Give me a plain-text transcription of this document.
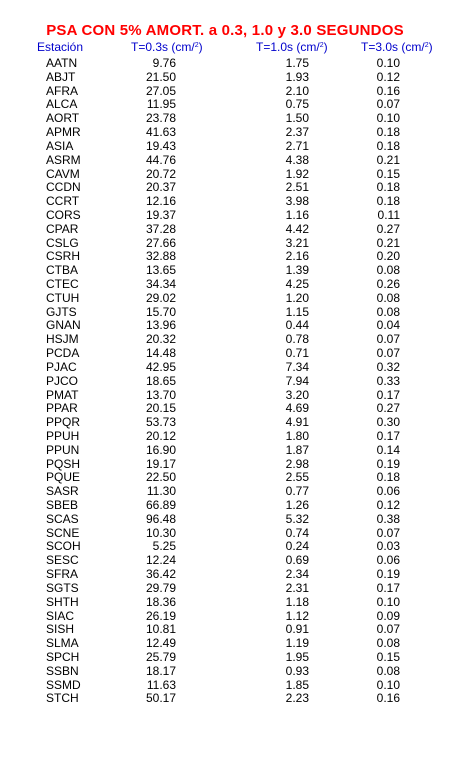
PSA CON 5% AMORT. a 0.3, 1.0 y 3.0 SEGUNDOS
Estación	T=0.3s (cm/$^2$)	T=1.0s (cm/$^2$)	T=3.0s (cm/$^2$)
AATN	9.76	1.75	0.10
ABJT	21.50	1.93	0.12
AFRA	27.05	2.10	0.16
ALCA	11.95	0.75	0.07
AORT	23.78	1.50	0.10
APMR	41.63	2.37	0.18
ASIA	19.43	2.71	0.18
ASRM	44.76	4.38	0.21
CAVM	20.72	1.92	0.15
CCDN	20.37	2.51	0.18
CCRT	12.16	3.98	0.18
CORS	19.37	1.16	0.11
CPAR	37.28	4.42	0.27
CSLG	27.66	3.21	0.21
CSRH	32.88	2.16	0.20
CTBA	13.65	1.39	0.08
CTEC	34.34	4.25	0.26
CTUH	29.02	1.20	0.08
GJTS	15.70	1.15	0.08
GNAN	13.96	0.44	0.04
HSJM	20.32	0.78	0.07
PCDA	14.48	0.71	0.07
PJAC	42.95	7.34	0.32
PJCO	18.65	7.94	0.33
PMAT	13.70	3.20	0.17
PPAR	20.15	4.69	0.27
PPQR	53.73	4.91	0.30
PPUH	20.12	1.80	0.17
PPUN	16.90	1.87	0.14
PQSH	19.17	2.98	0.19
PQUE	22.50	2.55	0.18
SASR	11.30	0.77	0.06
SBEB	66.89	1.26	0.12
SCAS	96.48	5.32	0.38
SCNE	10.30	0.74	0.07
SCOH	5.25	0.24	0.03
SESC	12.24	0.69	0.06
SFRA	36.42	2.34	0.19
SGTS	29.79	2.31	0.17
SHTH	18.36	1.18	0.10
SIAC	26.19	1.12	0.09
SISH	10.81	0.91	0.07
SLMA	12.49	1.19	0.08
SPCH	25.79	1.95	0.15
SSBN	18.17	0.93	0.08
SSMD	11.63	1.85	0.10
STCH	50.17	2.23	0.16
